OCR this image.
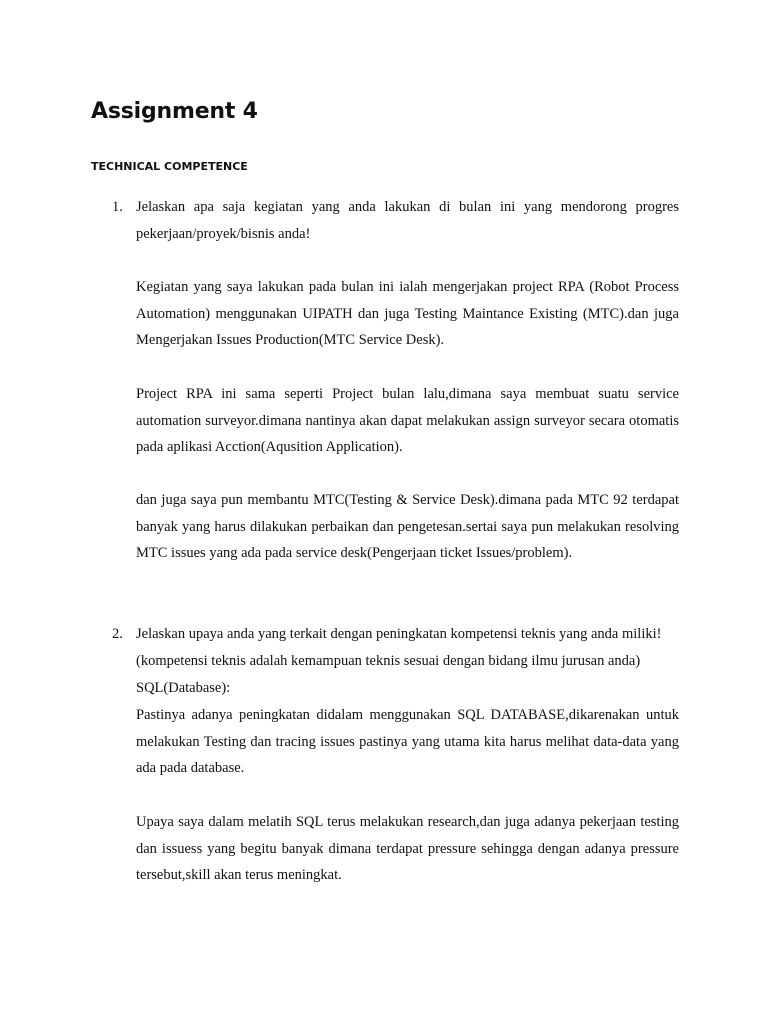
Assignment 4
TECHNICAL COMPETENCE
1. Jelaskan apa saja kegiatan yang anda lakukan di bulan ini yang mendorong progres pekerjaan/proyek/bisnis anda!

Kegiatan yang saya lakukan pada bulan ini ialah mengerjakan project RPA (Robot Process Automation) menggunakan UIPATH dan juga Testing Maintance Existing (MTC).dan juga Mengerjakan Issues Production(MTC Service Desk).

Project RPA ini sama seperti Project bulan lalu,dimana saya membuat suatu service automation surveyor.dimana nantinya akan dapat melakukan assign surveyor secara otomatis pada aplikasi Acction(Aqusition Application).

dan juga saya pun membantu MTC(Testing & Service Desk).dimana pada MTC 92 terdapat banyak yang harus dilakukan perbaikan dan pengetesan.sertai saya pun melakukan resolving MTC issues yang ada pada service desk(Pengerjaan ticket Issues/problem).

2. Jelaskan upaya anda yang terkait dengan peningkatan kompetensi teknis yang anda miliki!

(kompetensi teknis adalah kemampuan teknis sesuai dengan bidang ilmu jurusan anda)

SQL(Database):

Pastinya adanya peningkatan didalam menggunakan SQL DATABASE,dikarenakan untuk melakukan Testing dan tracing issues pastinya yang utama kita harus melihat data-data yang ada pada database.

Upaya saya dalam melatih SQL terus melakukan research,dan juga adanya pekerjaan testing dan issuess yang begitu banyak dimana terdapat pressure sehingga dengan adanya pressure tersebut,skill akan terus meningkat.
